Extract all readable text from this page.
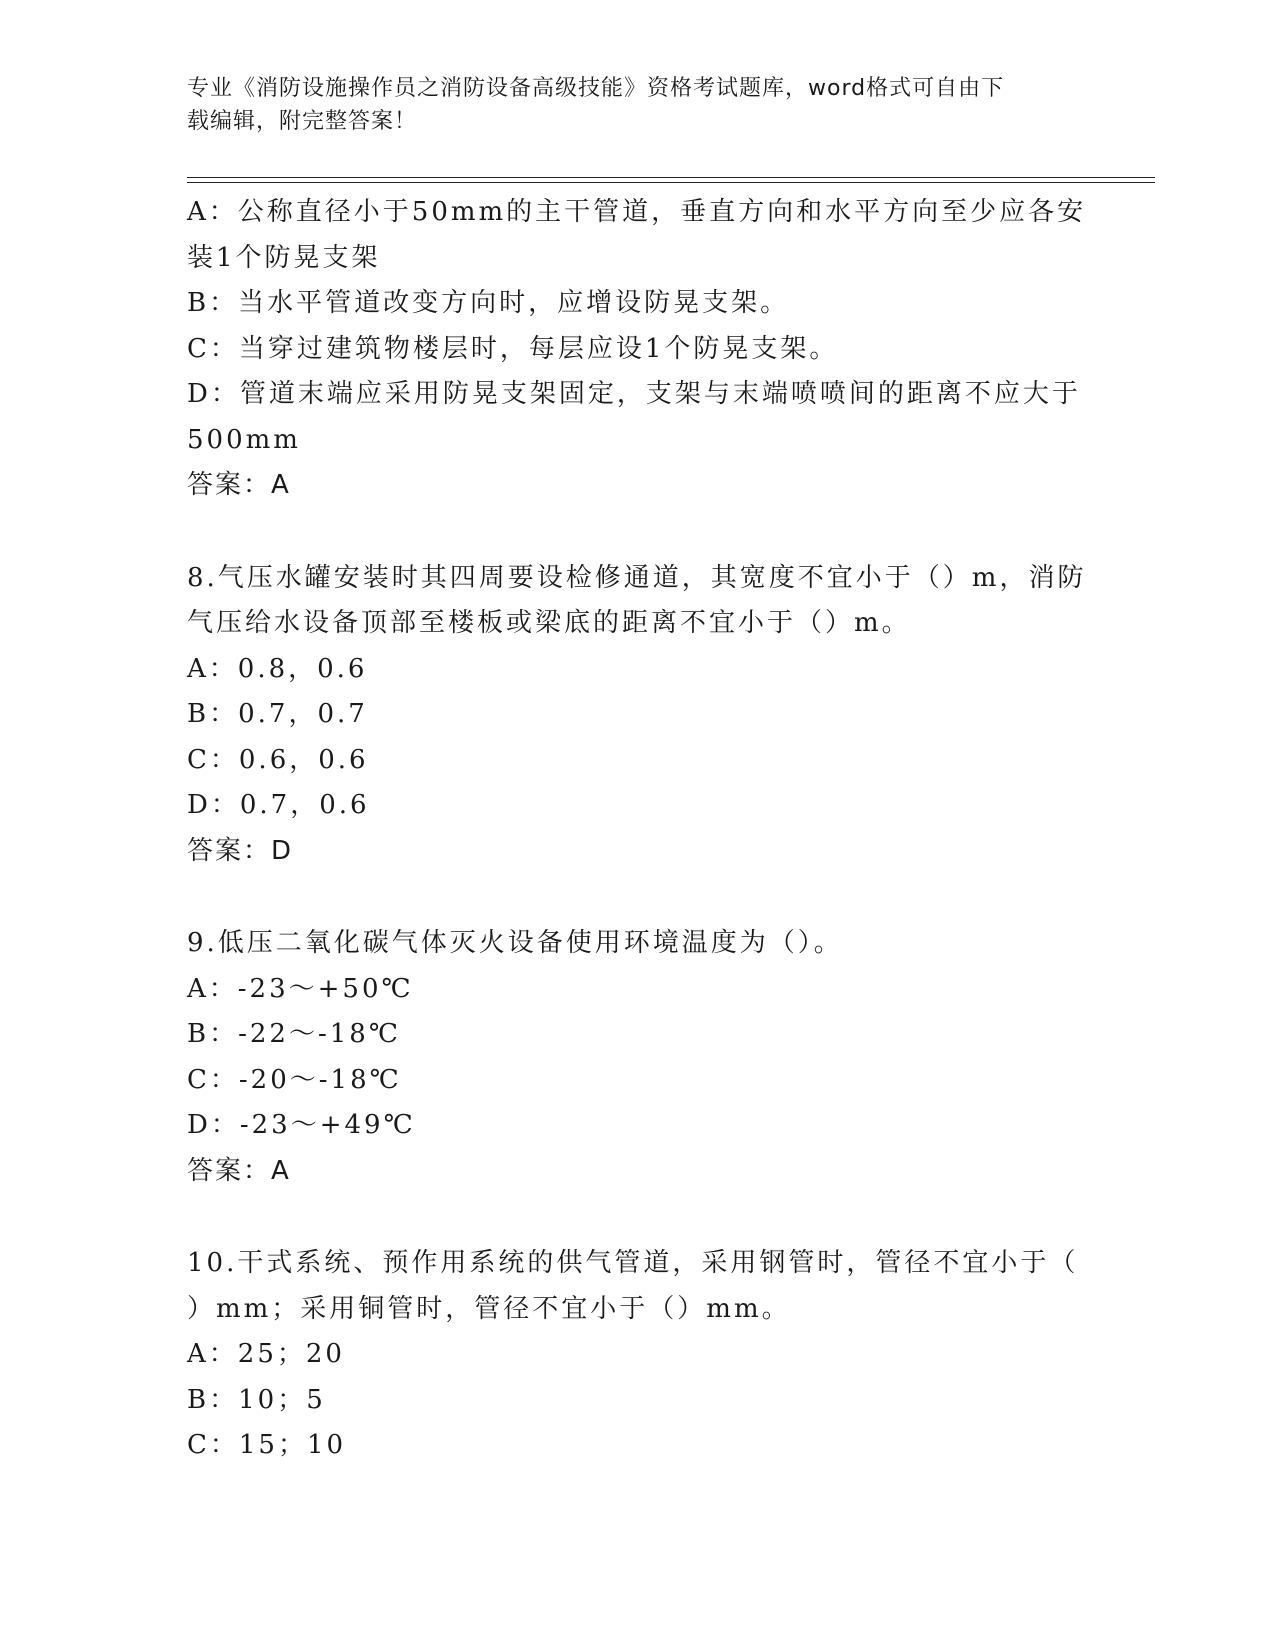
专业《消防设施操作员之消防设备高级技能》资格考试题库，word格式可自由下
载编辑，附完整答案！
A：公称直径小于50mm的主干管道，垂直方向和水平方向至少应各安
装1个防晃支架
B：当水平管道改变方向时，应增设防晃支架。
C：当穿过建筑物楼层时，每层应设1个防晃支架。
D：管道末端应采用防晃支架固定，支架与末端喷喷间的距离不应大于
500mm
答案：A
8.气压水罐安装时其四周要设检修通道，其宽度不宜小于（）m，消防
气压给水设备顶部至楼板或梁底的距离不宜小于（）m。
A：0.8，0.6
B：0.7，0.7
C：0.6，0.6
D：0.7，0.6
答案：D
9.低压二氧化碳气体灭火设备使用环境温度为（）。
A：-23～+50℃
B：-22～-18℃
C：-20～-18℃
D：-23～+49℃
答案：A
10.干式系统、预作用系统的供气管道，采用钢管时，管径不宜小于（
）mm；采用铜管时，管径不宜小于（）mm。
A：25；20
B：10；5
C：15；10
